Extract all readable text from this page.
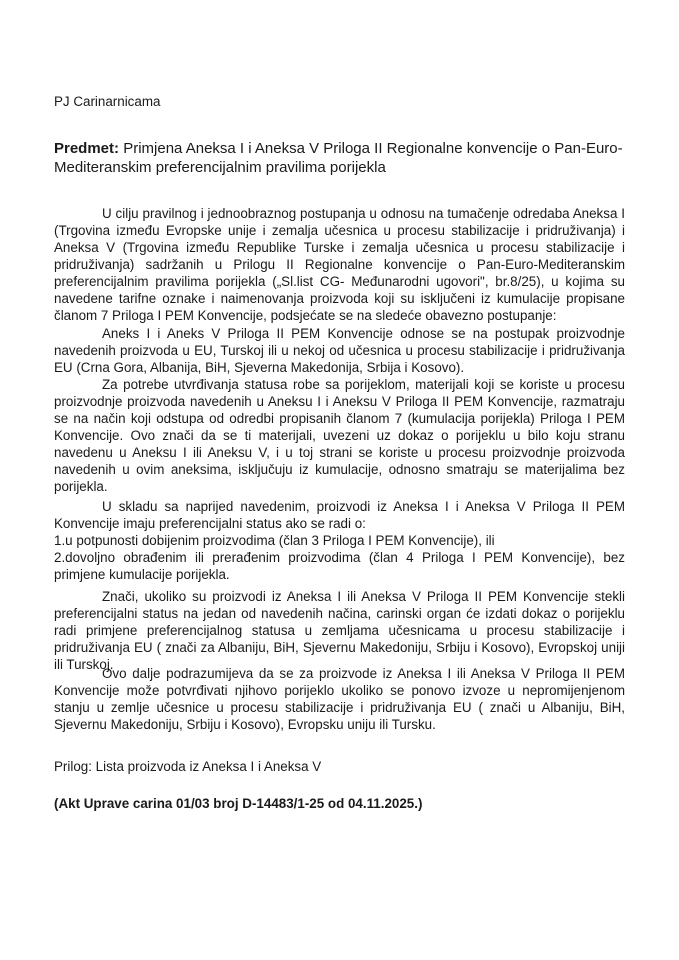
PJ Carinarnicama

Predmet: Primjena Aneksa I i Aneksa V Priloga II Regionalne konvencije o Pan-Euro-Mediteranskim preferencijalnim pravilima porijekla

U cilju pravilnog i jednoobraznog postupanja u odnosu na tumačenje odredaba Aneksa I (Trgovina između Evropske unije i zemalja učesnica u procesu stabilizacije i pridruživanja) i Aneksa V (Trgovina između Republike Turske i zemalja učesnica u procesu stabilizacije i pridruživanja) sadržanih u Prilogu II Regionalne konvencije o Pan-Euro-Mediteranskim preferencijalnim pravilima porijekla („Sl.list CG- Međunarodni ugovori", br.8/25), u kojima su navedene tarifne oznake i naimenovanja proizvoda koji su isključeni iz kumulacije propisane članom 7 Priloga I PEM Konvencije, podsjećate se na sledeće obavezno postupanje:

Aneks I i Aneks V Priloga II PEM Konvencije odnose se na postupak proizvodnje navedenih proizvoda u EU, Turskoj ili u nekoj od učesnica u procesu stabilizacije i pridruživanja EU (Crna Gora, Albanija, BiH, Sjeverna Makedonija, Srbija i Kosovo).

Za potrebe utvrđivanja statusa robe sa porijeklom, materijali koji se koriste u procesu proizvodnje proizvoda navedenih u Aneksu I i Aneksu V Priloga II PEM Konvencije, razmatraju se na način koji odstupa od odredbi propisanih članom 7 (kumulacija porijekla) Priloga I PEM Konvencije. Ovo znači da se ti materijali, uvezeni uz dokaz o porijeklu u bilo koju stranu navedenu u Aneksu I ili Aneksu V, i u toj strani se koriste u procesu proizvodnje proizvoda navedenih u ovim aneksima, isključuju iz kumulacije, odnosno smatraju se materijalima bez porijekla.

U skladu sa naprijed navedenim, proizvodi iz Aneksa I i Aneksa V Priloga II PEM Konvencije imaju preferencijalni status ako se radi o:

1.u potpunosti dobijenim proizvodima (član 3 Priloga I PEM Konvencije), ili

2.dovoljno obrađenim ili prerađenim proizvodima (član 4 Priloga I PEM Konvencije), bez primjene kumulacije porijekla.

Znači, ukoliko su proizvodi iz Aneksa I ili Aneksa V Priloga II PEM Konvencije stekli preferencijalni status na jedan od navedenih načina, carinski organ će izdati dokaz o porijeklu radi primjene preferencijalnog statusa u zemljama učesnicama u procesu stabilizacije i pridruživanja EU ( znači za Albaniju, BiH, Sjevernu Makedoniju, Srbiju i Kosovo), Evropskoj uniji ili Turskoj.

Ovo dalje podrazumijeva da se za proizvode iz Aneksa I ili Aneksa V Priloga II PEM Konvencije može potvrđivati njihovo porijeklo ukoliko se ponovo izvoze u nepromijenjenom stanju u zemlje učesnice u procesu stabilizacije i pridruživanja EU ( znači u Albaniju, BiH, Sjevernu Makedoniju, Srbiju i Kosovo), Evropsku uniju ili Tursku.

Prilog: Lista proizvoda iz Aneksa I i Aneksa V

(Akt Uprave carina 01/03 broj D-14483/1-25 od 04.11.2025.)
